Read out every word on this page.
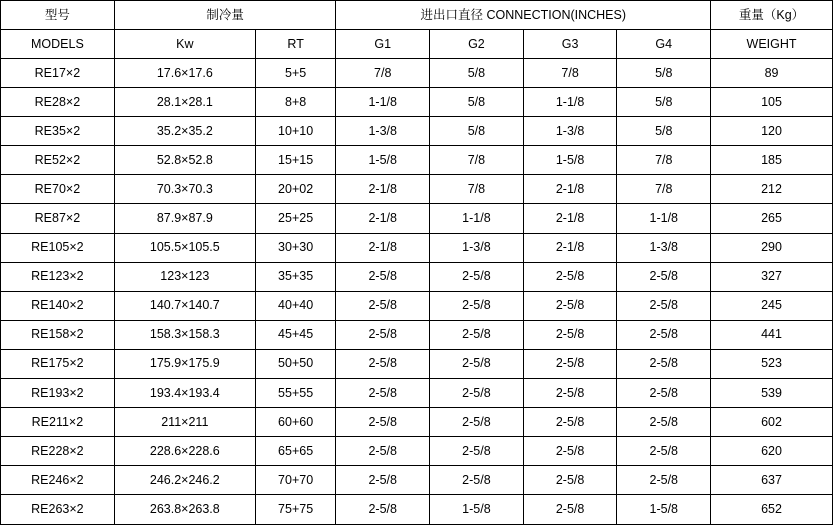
型号	制冷量		进出口直径 CONNECTION(INCHES)				重量（Kg）
MODELS	Kw	RT	G1	G2	G3	G4	WEIGHT
RE17×2	17.6×17.6	5+5	7/8	5/8	7/8	5/8	89
RE28×2	28.1×28.1	8+8	1-1/8	5/8	1-1/8	5/8	105
RE35×2	35.2×35.2	10+10	1-3/8	5/8	1-3/8	5/8	120
RE52×2	52.8×52.8	15+15	1-5/8	7/8	1-5/8	7/8	185
RE70×2	70.3×70.3	20+02	2-1/8	7/8	2-1/8	7/8	212
RE87×2	87.9×87.9	25+25	2-1/8	1-1/8	2-1/8	1-1/8	265
RE105×2	105.5×105.5	30+30	2-1/8	1-3/8	2-1/8	1-3/8	290
RE123×2	123×123	35+35	2-5/8	2-5/8	2-5/8	2-5/8	327
RE140×2	140.7×140.7	40+40	2-5/8	2-5/8	2-5/8	2-5/8	245
RE158×2	158.3×158.3	45+45	2-5/8	2-5/8	2-5/8	2-5/8	441
RE175×2	175.9×175.9	50+50	2-5/8	2-5/8	2-5/8	2-5/8	523
RE193×2	193.4×193.4	55+55	2-5/8	2-5/8	2-5/8	2-5/8	539
RE211×2	211×211	60+60	2-5/8	2-5/8	2-5/8	2-5/8	602
RE228×2	228.6×228.6	65+65	2-5/8	2-5/8	2-5/8	2-5/8	620
RE246×2	246.2×246.2	70+70	2-5/8	2-5/8	2-5/8	2-5/8	637
RE263×2	263.8×263.8	75+75	2-5/8	1-5/8	2-5/8	1-5/8	652
